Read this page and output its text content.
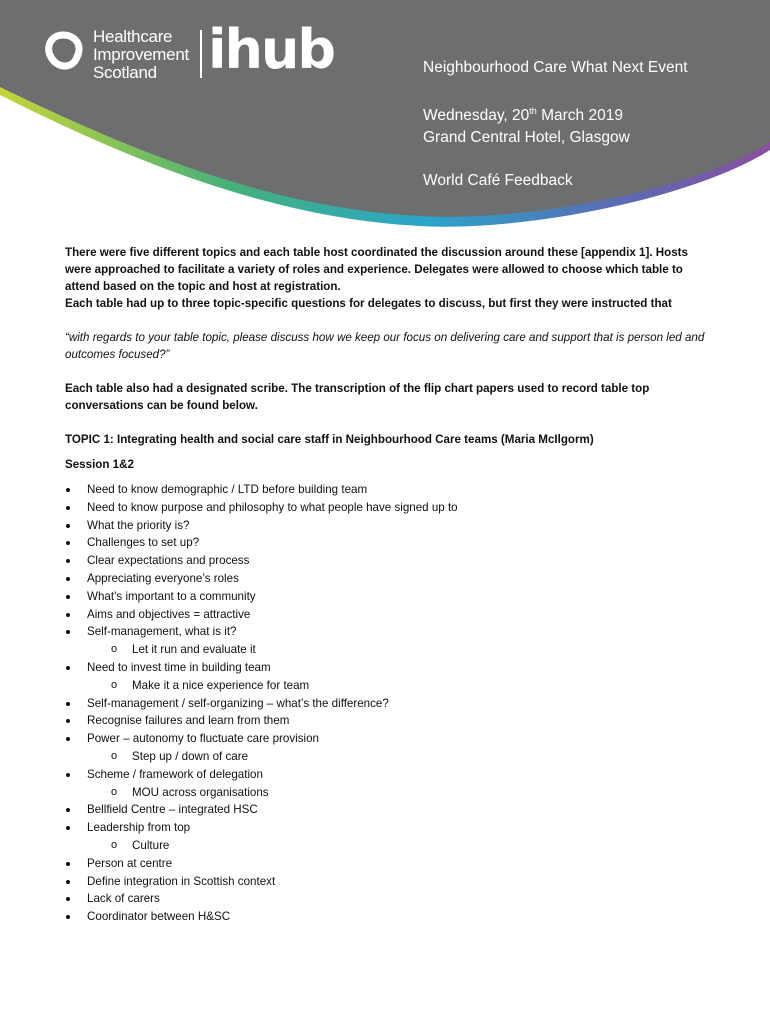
Healthcare
Improvement
Scotland ihub	Neighbourhood Care What Next Event
Wednesday, 20th March 2019
Grand Central Hotel, Glasgow
World Café Feedback

There were five different topics and each table host coordinated the discussion around these [appendix 1]. Hosts were approached to facilitate a variety of roles and experience. Delegates were allowed to choose which table to attend based on the topic and host at registration.

Each table had up to three topic-specific questions for delegates to discuss, but first they were instructed that

“with regards to your table topic, please discuss how we keep our focus on delivering care and support that is person led and outcomes focused?”

Each table also had a designated scribe. The transcription of the flip chart papers used to record table top conversations can be found below.

TOPIC 1: Integrating health and social care staff in Neighbourhood Care teams (Maria McIlgorm)

Session 1&2

Need to know demographic / LTD before building team
Need to know purpose and philosophy to what people have signed up to
What the priority is?
Challenges to set up?
Clear expectations and process
Appreciating everyone’s roles
What’s important to a community
Aims and objectives = attractive
Self-management, what is it?
o Let it run and evaluate it
Need to invest time in building team
o Make it a nice experience for team
Self-management / self-organizing – what’s the difference?
Recognise failures and learn from them
Power – autonomy to fluctuate care provision
o Step up / down of care
Scheme / framework of delegation
o MOU across organisations
Bellfield Centre – integrated HSC
Leadership from top
o Culture
Person at centre
Define integration in Scottish context
Lack of carers
Coordinator between H&SC
